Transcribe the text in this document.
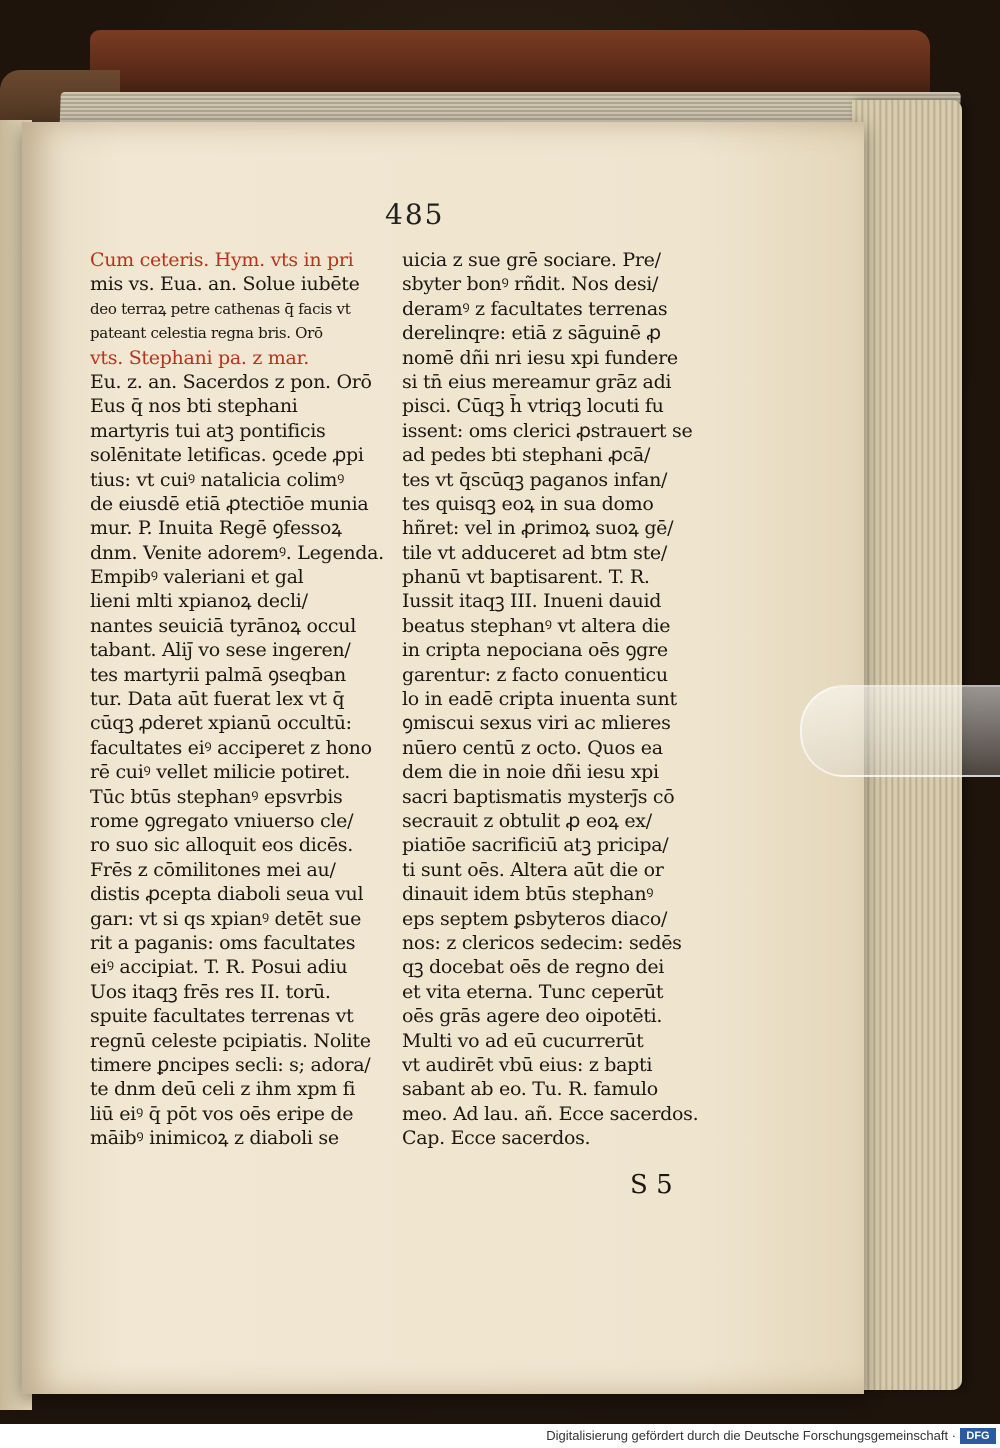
485
Cum ceteris. Hym. vts in pri
mis vs. Eua. an. Solue iubēte
deo terraꝝ petre cathenas q̄ facis vt
pateant celestia regna bris. Orō
vts. Stephani pa. z mar.
Eu. z. an. Sacerdos z pon. Orō
Eus q̄ nos bti stephani
martyris tui atꝫ pontificis
solēnitate letificas. ꝯcede ꝓpi
tius: vt cuiꝰ natalicia colimꝰ
de eiusdē etiā ꝓtectiōe munia
mur. P. Inuita Regē ꝯfessoꝝ
dnm. Venite adoremꝰ. Legenda.
Empibꝰ valeriani et gal
lieni mlti xpianoꝝ decli/
nantes seuiciā tyrānoꝝ occul
tabant. Aliȷ̄ vo sese ingeren/
tes martyrii palmā ꝯseqban
tur. Data aūt fuerat lex vt q̄
cūqꝫ ꝓderet xpianū occultū:
facultates eiꝰ acciperet z hono
rē cuiꝰ vellet milicie potiret.
Tūc btūs stephanꝰ epsvrbis
rome ꝯgregato vniuerso cle/
ro suo sic alloquit eos dicēs.
Frēs z cōmilitones mei au/
distis ꝓcepta diaboli seua vul
garı: vt si qs xpianꝰ detēt sue
rit a paganis: oms facultates
eiꝰ accipiat. T. R. Posui adiu
Uos itaqꝫ frēs res II. torū.
spuite facultates terrenas vt
regnū celeste pcipiatis. Nolite
timere ꝑncipes secli: s; adora/
te dnm deū celi z ihm xpm fi
liū eiꝰ q̄ pōt vos oēs eripe de
māibꝰ inimicoꝝ z diaboli se
uicia z sue grē sociare. Pre/
sbyter bonꝰ rñdit. Nos desi/
deramꝰ z facultates terrenas
derelinqre: etiā z sāguinē ꝓ
nomē dñi nri iesu xpi fundere
si tn̄ eius mereamur grāz adi
pisci. Cūqꝫ h̄ vtriqꝫ locuti fu
issent: oms clerici ꝓstrauert se
ad pedes bti stephani ꝓcā/
tes vt q̄scūqꝫ paganos infan/
tes quisqꝫ eoꝝ in sua domo
hñret: vel in ꝓrimoꝝ suoꝝ gē/
tile vt adduceret ad btm ste/
phanū vt baptisarent. T. R.
Iussit itaqꝫ III. Inueni dauid
beatus stephanꝰ vt altera die
in cripta nepociana oēs ꝯgre
garentur: z facto conuenticu
lo in eadē cripta inuenta sunt
ꝯmiscui sexus viri ac mlieres
nūero centū z octo. Quos ea
dem die in noie dñi iesu xpi
sacri baptismatis mysterȷ̄s cō
secrauit z obtulit ꝓ eoꝝ ex/
piatiōe sacrificiū atꝫ pricipa/
ti sunt oēs. Altera aūt die or
dinauit idem btūs stephanꝰ
eps septem ꝑsbyteros diaco/
nos: z clericos sedecim: sedēs
qꝫ docebat oēs de regno dei
et vita eterna. Tunc ceperūt
oēs grās agere deo oipotēti.
Multi vo ad eū cucurrerūt
vt audirēt vbū eius: z bapti
sabant ab eo. Tu. R. famulo
meo. Ad lau. añ. Ecce sacerdos.
Cap. Ecce sacerdos.
S 5
Digitalisierung gefördert durch die Deutsche Forschungsgemeinschaft · DFG
